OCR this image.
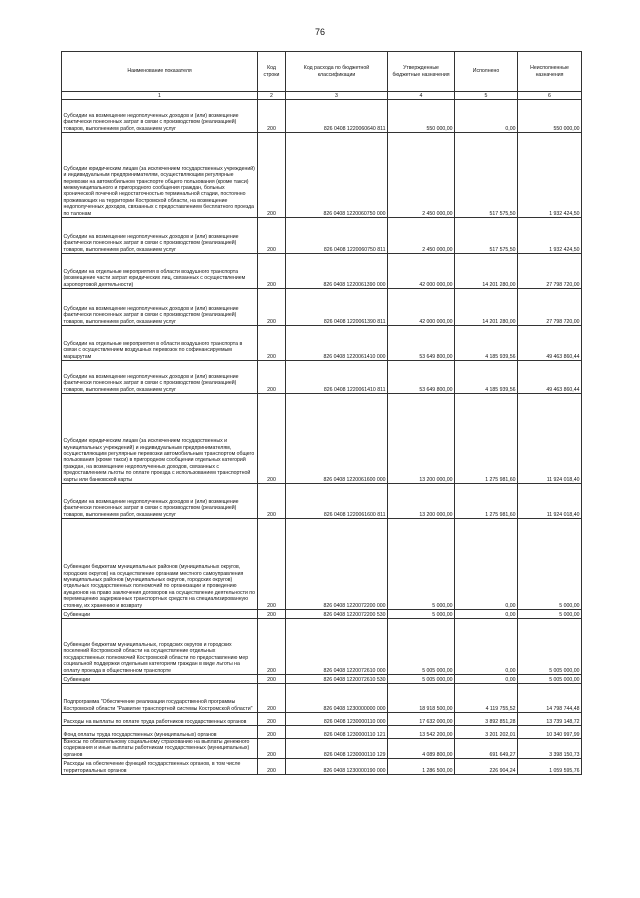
76
Наименование показателя	Код строки	Код расхода по бюджетной классификации	Утвержденные бюджетные назначения	Исполнено	Неисполненные назначения
1	2	3	4	5	6
Субсидии на возмещение недополученных доходов и (или) возмещение фактически понесенных затрат в связи с производством (реализацией) товаров, выполнением работ, оказанием услуг	200	826 0408 1220060640 811	550 000,00	0,00	550 000,00
Субсидии юридическим лицам (за исключением государственных учреждений) и индивидуальным предпринимателям, осуществляющим регулярные перевозки на автомобильном транспорте общего пользования (кроме такси) межмуниципального и пригородного сообщения граждан, больных хронической почечной недостаточностью терминальной стадии, постоянно проживающих на территории Костромской области, на возмещение недополученных доходов, связанных с предоставлением бесплатного проезда по талонам	200	826 0408 1220060750 000	2 450 000,00	517 575,50	1 932 424,50
Субсидии на возмещение недополученных доходов и (или) возмещение фактически понесенных затрат в связи с производством (реализацией) товаров, выполнением работ, оказанием услуг	200	826 0408 1220060750 811	2 450 000,00	517 575,50	1 932 424,50
Субсидии на отдельные мероприятия в области воздушного транспорта (возмещение части затрат юридических лиц, связанных с осуществлением аэропортовой деятельности)	200	826 0408 1220061390 000	42 000 000,00	14 201 280,00	27 798 720,00
Субсидии на возмещение недополученных доходов и (или) возмещение фактически понесенных затрат в связи с производством (реализацией) товаров, выполнением работ, оказанием услуг	200	826 0408 1220061390 811	42 000 000,00	14 201 280,00	27 798 720,00
Субсидии на отдельные мероприятия в области воздушного транспорта в связи с осуществлением воздушных перевозок по софинансируемым маршрутам	200	826 0408 1220061410 000	53 649 800,00	4 185 939,56	49 463 860,44
Субсидии на возмещение недополученных доходов и (или) возмещение фактически понесенных затрат в связи с производством (реализацией) товаров, выполнением работ, оказанием услуг	200	826 0408 1220061410 811	53 649 800,00	4 185 939,56	49 463 860,44
Субсидии юридическим лицам (за исключением государственных и муниципальных учреждений) и индивидуальным предпринимателям, осуществляющим регулярные перевозки автомобильным транспортом общего пользования (кроме такси) в пригородном сообщении отдельных категорий граждан, на возмещение недополученных доходов, связанных с предоставлением льготы по оплате проезда с использованием транспортной карты или банковской карты	200	826 0408 1220061600 000	13 200 000,00	1 275 981,60	11 924 018,40
Субсидии на возмещение недополученных доходов и (или) возмещение фактически понесенных затрат в связи с производством (реализацией) товаров, выполнением работ, оказанием услуг	200	826 0408 1220061600 811	13 200 000,00	1 275 981,60	11 924 018,40
Субвенции бюджетам муниципальных районов (муниципальных округов, городских округов) на осуществление органами местного самоуправления муниципальных районов (муниципальных округов, городских округов) отдельных государственных полномочий по организации и проведению аукционов на право заключения договоров на осуществление деятельности по перемещению задержанных транспортных средств на специализированную стоянку, их хранению и возврату	200	826 0408 1220072200 000	5 000,00	0,00	5 000,00
Субвенции	200	826 0408 1220072200 530	5 000,00	0,00	5 000,00
Субвенции бюджетам муниципальных, городских округов и городских поселений Костромской области на осуществление отдельных государственных полномочий Костромской области по предоставлению мер социальной поддержки отдельным категориям граждан в виде льготы на оплату проезда в общественном транспорте	200	826 0408 1220072610 000	5 005 000,00	0,00	5 005 000,00
Субвенции	200	826 0408 1220072610 530	5 005 000,00	0,00	5 005 000,00
Подпрограмма "Обеспечение реализации государственной программы Костромской области "Развитие транспортной системы Костромской области"	200	826 0408 1230000000 000	18 918 500,00	4 119 755,52	14 798 744,48
Расходы на выплаты по оплате труда работников государственных органов	200	826 0408 1230000110 000	17 632 000,00	3 892 851,28	13 739 148,72
Фонд оплаты труда государственных (муниципальных) органов	200	826 0408 1230000110 121	13 542 200,00	3 201 202,01	10 340 997,99
Взносы по обязательному социальному страхованию на выплаты денежного содержания и иные выплаты работникам государственных (муниципальных) органов	200	826 0408 1230000110 129	4 089 800,00	691 649,27	3 398 150,73
Расходы на обеспечение функций государственных органов, в том числе территориальных органов	200	826 0408 1230000190 000	1 286 500,00	226 904,24	1 059 595,76
